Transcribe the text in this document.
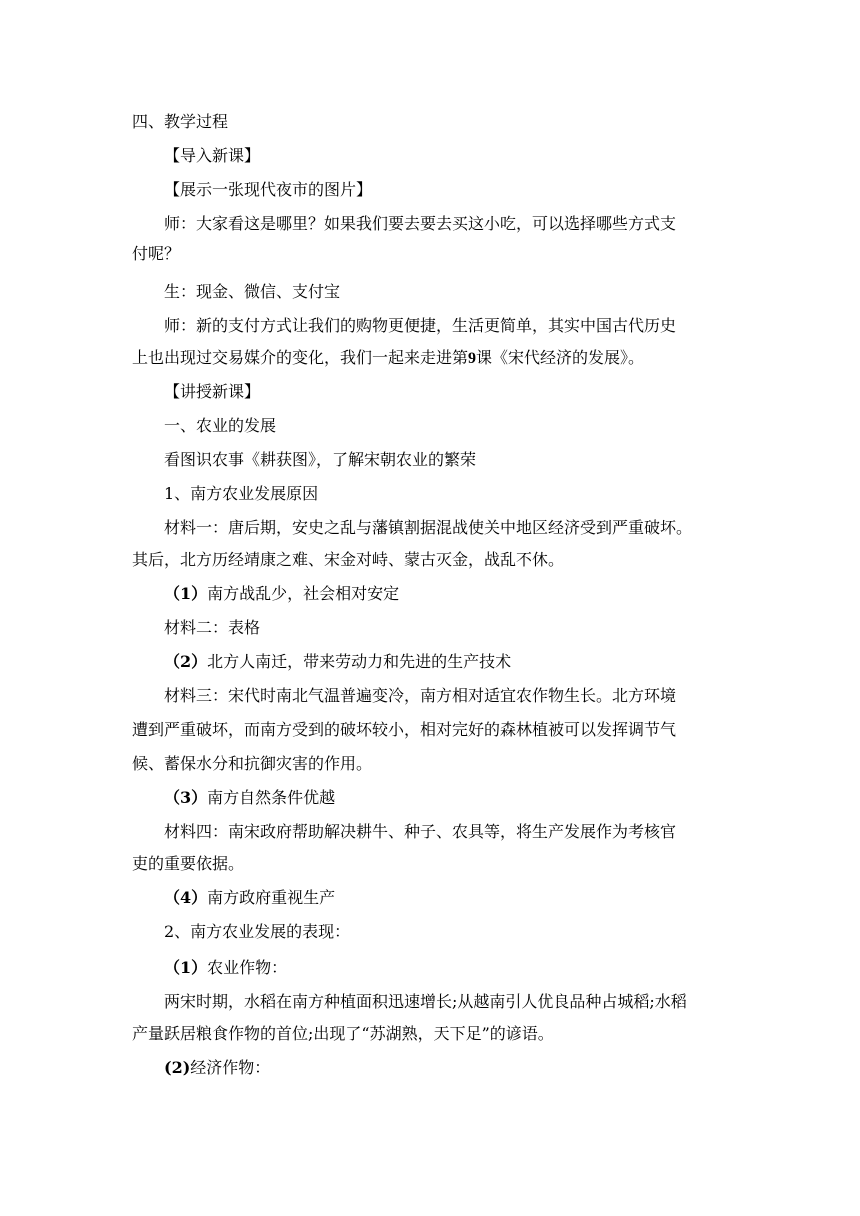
四、教学过程
【导入新课】
【展示一张现代夜市的图片】
师：大家看这是哪里？如果我们要去要去买这小吃，可以选择哪些方式支
付呢？
生：现金、微信、支付宝
师：新的支付方式让我们的购物更便捷，生活更简单，其实中国古代历史
上也出现过交易媒介的变化，我们一起来走进第9课《宋代经济的发展》。
【讲授新课】
一、农业的发展
看图识农事《耕获图》，了解宋朝农业的繁荣
1、南方农业发展原因
材料一：唐后期，安史之乱与藩镇割据混战使关中地区经济受到严重破坏。
其后，北方历经靖康之难、宋金对峙、蒙古灭金，战乱不休。
（1）南方战乱少，社会相对安定
材料二：表格
（2）北方人南迁，带来劳动力和先进的生产技术
材料三：宋代时南北气温普遍变冷，南方相对适宜农作物生长。北方环境
遭到严重破坏，而南方受到的破坏较小，相对完好的森林植被可以发挥调节气
候、蓄保水分和抗御灾害的作用。
（3）南方自然条件优越
材料四：南宋政府帮助解决耕牛、种子、农具等，将生产发展作为考核官
吏的重要依据。
（4）南方政府重视生产
2、南方农业发展的表现：
（1）农业作物：
两宋时期，水稻在南方种植面积迅速增长;从越南引人优良品种占城稻;水稻
产量跃居粮食作物的首位;出现了“苏湖熟，天下足”的谚语。
(2)经济作物：
